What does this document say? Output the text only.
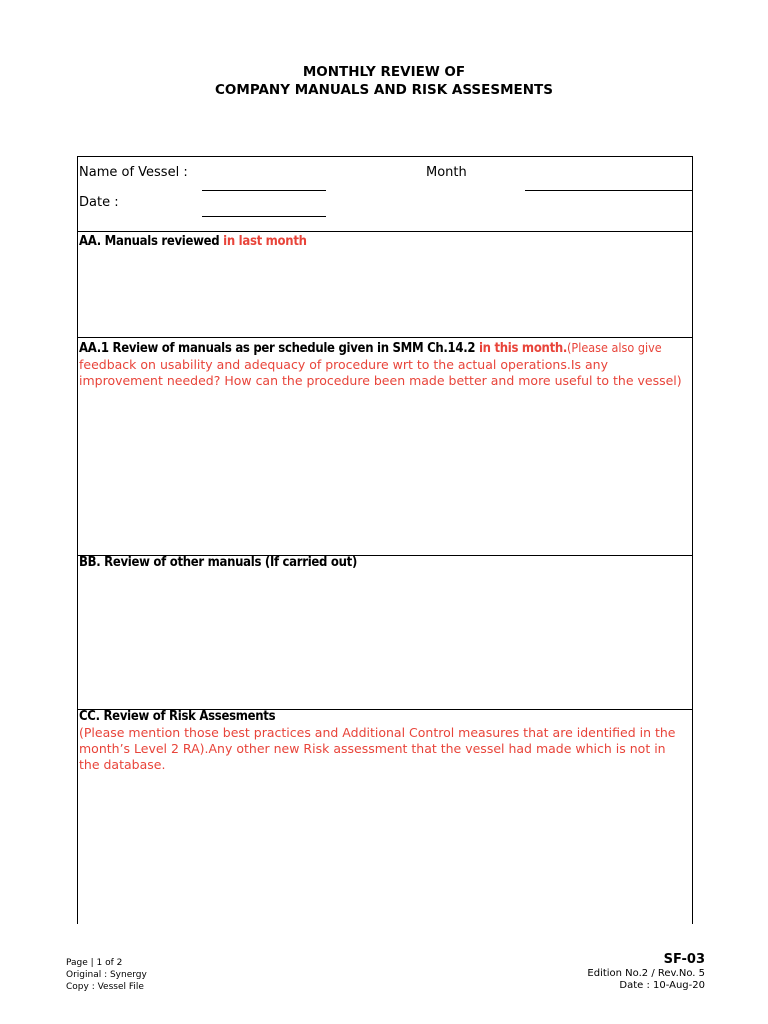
MONTHLY REVIEW OF
COMPANY MANUALS AND RISK ASSESMENTS
Name of Vessel :	Month
Date :
AA. Manuals reviewed in last month
AA.1 Review of manuals as per schedule given in SMM Ch.14.2 in this month.(Please also give
feedback on usability and adequacy of procedure wrt to the actual operations.Is any improvement needed? How can the procedure been made better and more useful to the vessel)
BB. Review of other manuals (If carried out)
CC. Review of Risk Assesments
(Please mention those best practices and Additional Control measures that are identified in the month’s Level 2 RA).Any other new Risk assessment that the vessel had made which is not in the database.
Page | 1 of 2
Original : Synergy
Copy : Vessel File
SF-03
Edition No.2 / Rev.No. 5
Date : 10-Aug-20
